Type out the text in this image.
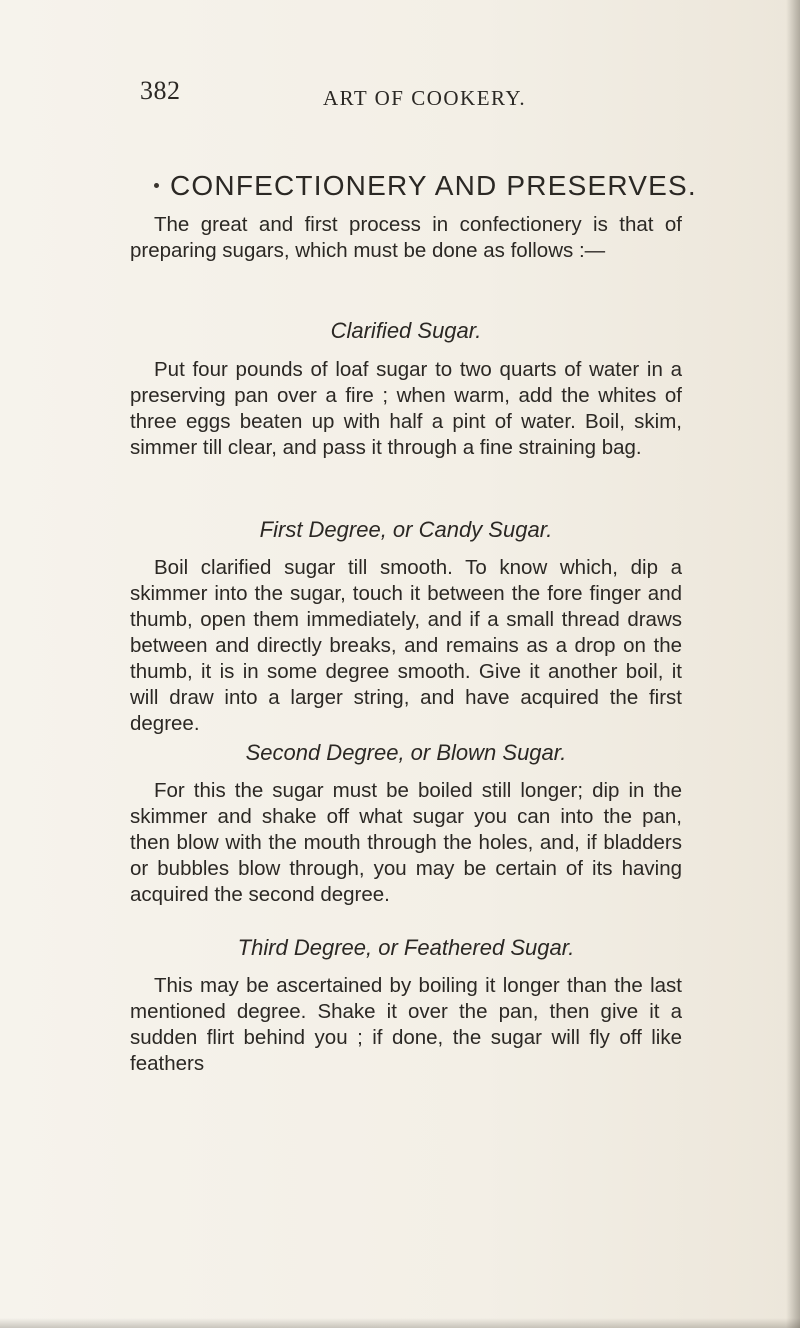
382	ART OF COOKERY.
CONFECTIONERY AND PRESERVES.

The great and first process in confectionery is that of preparing sugars, which must be done as follows :—

Clarified Sugar.

Put four pounds of loaf sugar to two quarts of water in a preserving pan over a fire ; when warm, add the whites of three eggs beaten up with half a pint of water. Boil, skim, simmer till clear, and pass it through a fine straining bag.

First Degree, or Candy Sugar.

Boil clarified sugar till smooth. To know which, dip a skimmer into the sugar, touch it between the fore finger and thumb, open them immediately, and if a small thread draws between and directly breaks, and remains as a drop on the thumb, it is in some degree smooth. Give it another boil, it will draw into a larger string, and have acquired the first degree.

Second Degree, or Blown Sugar.

For this the sugar must be boiled still longer; dip in the skimmer and shake off what sugar you can into the pan, then blow with the mouth through the holes, and, if bladders or bubbles blow through, you may be certain of its having acquired the second degree.

Third Degree, or Feathered Sugar.

This may be ascertained by boiling it longer than the last mentioned degree. Shake it over the pan, then give it a sudden flirt behind you ; if done, the sugar will fly off like feathers
